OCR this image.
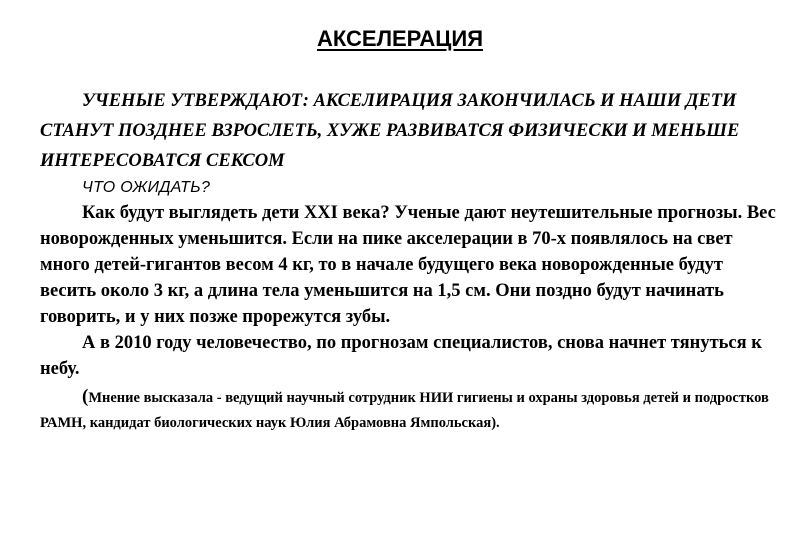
АКСЕЛЕРАЦИЯ

УЧЕНЫЕ УТВЕРЖДАЮТ: АКСЕЛИРАЦИЯ ЗАКОНЧИЛАСЬ И НАШИ ДЕТИ СТАНУТ ПОЗДНЕЕ ВЗРОСЛЕТЬ, ХУЖЕ РАЗВИВАТСЯ ФИЗИЧЕСКИ И МЕНЬШЕ ИНТЕРЕСОВАТСЯ СЕКСОМ

ЧТО ОЖИДАТЬ?

Как будут выглядеть дети XXI века? Ученые дают неутешительные прогнозы. Вес новорожденных уменьшится. Если на пике акселерации в 70-х появлялось на свет много детей-гигантов весом 4 кг, то в начале будущего века новорожденные будут весить около 3 кг, а длина тела уменьшится на 1,5 см. Они поздно будут начинать говорить, и у них позже прорежутся зубы.

А в 2010 году человечество, по прогнозам специалистов, снова начнет тянуться к небу.

(Мнение высказала - ведущий научный сотрудник НИИ гигиены и охраны здоровья детей и подростков РАМН, кандидат биологических наук Юлия Абрамовна Ямпольская).
